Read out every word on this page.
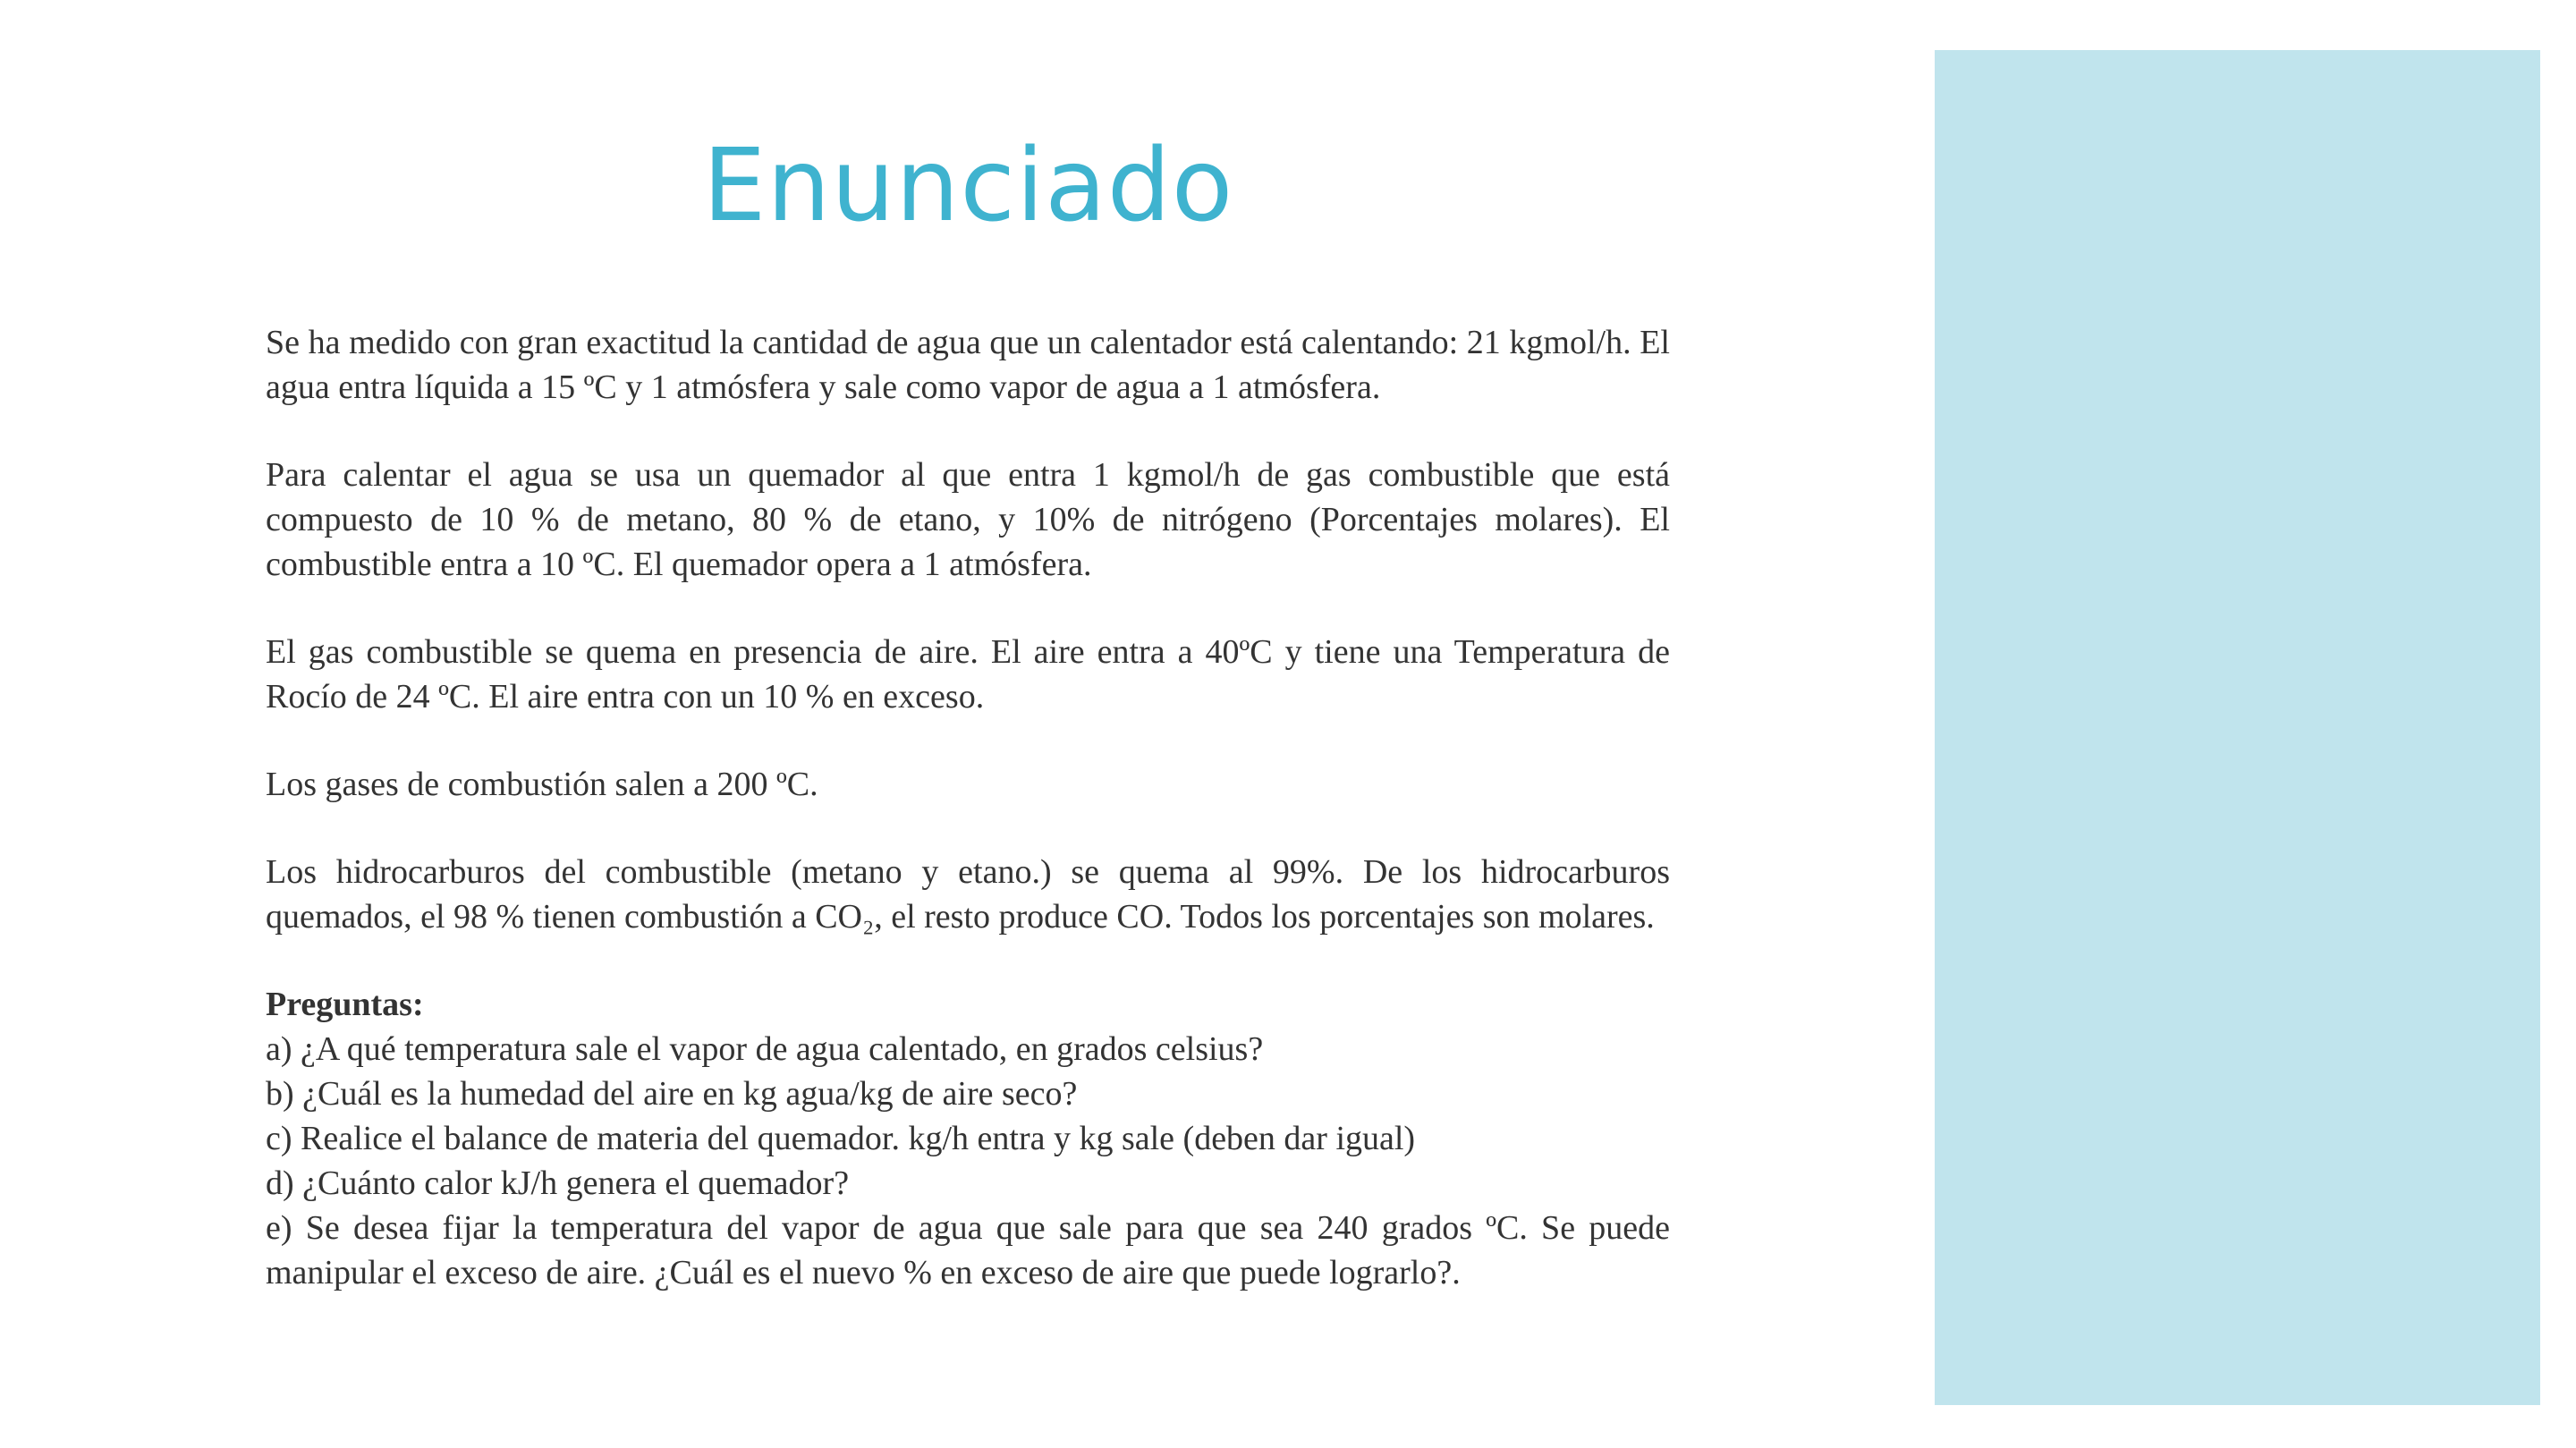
Enunciado

Se ha medido con gran exactitud la cantidad de agua que un calentador está calentando: 21 kgmol/h. El agua entra líquida a 15 ºC y 1 atmósfera y sale como vapor de agua a 1 atmósfera.

Para calentar el agua se usa un quemador al que entra 1 kgmol/h de gas combustible que está compuesto de 10 % de metano, 80 % de etano, y 10% de nitrógeno (Porcentajes molares). El combustible entra a 10 ºC. El quemador opera a 1 atmósfera.

El gas combustible se quema en presencia de aire. El aire entra a 40ºC y tiene una Temperatura de Rocío de 24 ºC. El aire entra con un 10 % en exceso.

Los gases de combustión salen a 200 ºC.

Los hidrocarburos del combustible (metano y etano.) se quema al 99%. De los hidrocarburos quemados, el 98 % tienen combustión a CO₂, el resto produce CO. Todos los porcentajes son molares.

Preguntas:

a) ¿A qué temperatura sale el vapor de agua calentado, en grados celsius?

b) ¿Cuál es la humedad del aire en kg agua/kg de aire seco?

c) Realice el balance de materia del quemador. kg/h entra y kg sale (deben dar igual)

d) ¿Cuánto calor kJ/h genera el quemador?

e) Se desea fijar la temperatura del vapor de agua que sale para que sea 240 grados ºC. Se puede manipular el exceso de aire. ¿Cuál es el nuevo % en exceso de aire que puede lograrlo?.
